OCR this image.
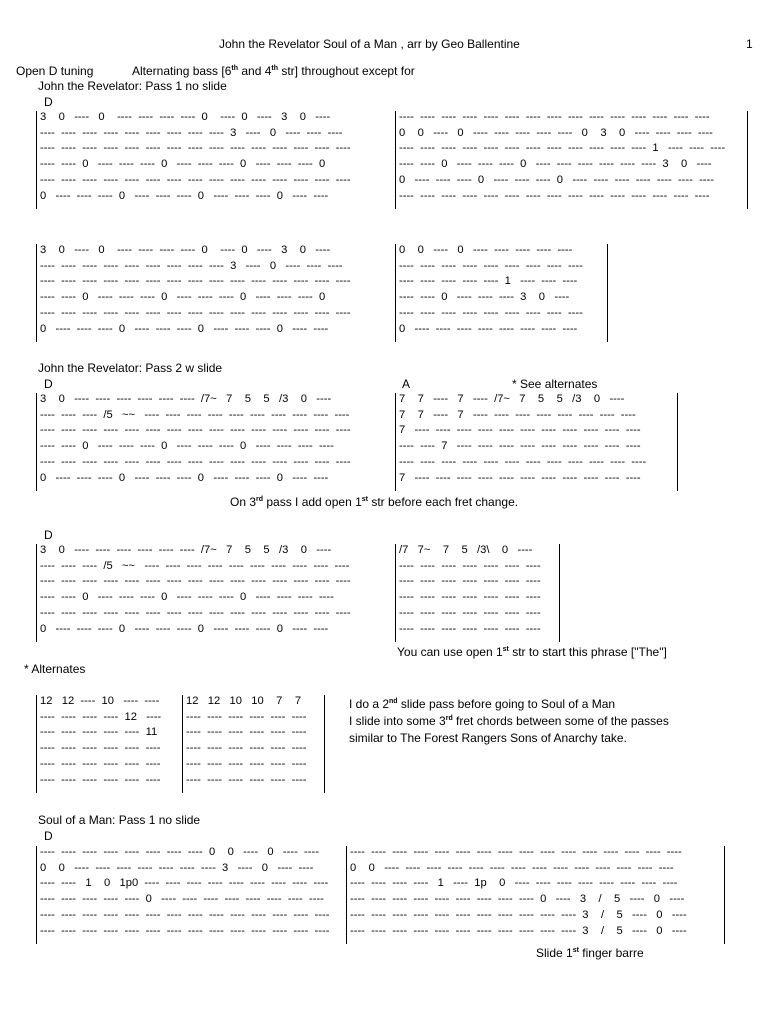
John the Revelator Soul of a Man , arr by Geo Ballentine	1
Open D tuning	Alternating bass [6th and 4th str] throughout except for
John the Revelator: Pass 1 no slide
D
3    0   ----   0    ----  ----  ----  ----  0    ----  0   ----   3    0   ----
----  ----  ----  ----  ----  ----  ----  ----  ----  3   ----   0   ----  ----  ----
----  ----  ----  ----  ----  ----  ----  ----  ----  ----  ----  ----  ----  ----  ----
----  ----  0   ----  ----  ----  0   ----  ----  ----  0   ----  ----  ----  0
----  ----  ----  ----  ----  ----  ----  ----  ----  ----  ----  ----  ----  ----  ----
0   ----  ----  ----  0   ----  ----  ----  0   ----  ----  ----  0   ----  ----
----  ----  ----  ----  ----  ----  ----  ----  ----  ----  ----  ----  ----  ----  ----
0    0   ----   0   ----  ----  ----  ----  ----   0    3    0   ----  ----  ----  ----
----  ----  ----  ----  ----  ----  ----  ----  ----  ----  ----  ----  1   ----  ----  ----
----  ----  0   ----  ----  ----  0   ----  ----  ----  ----  ----  ----  3    0   ----
0   ----  ----  ----  0   ----  ----  ----  0   ----  ----  ----  ----  ----  ----  ----
----  ----  ----  ----  ----  ----  ----  ----  ----  ----  ----  ----  ----  ----  ----
3    0   ----   0    ----  ----  ----  ----  0    ----  0   ----   3    0   ----
----  ----  ----  ----  ----  ----  ----  ----  ----  3   ----   0   ----  ----  ----
----  ----  ----  ----  ----  ----  ----  ----  ----  ----  ----  ----  ----  ----  ----
----  ----  0   ----  ----  ----  0   ----  ----  ----  0   ----  ----  ----  0
----  ----  ----  ----  ----  ----  ----  ----  ----  ----  ----  ----  ----  ----  ----
0   ----  ----  ----  0   ----  ----  ----  0   ----  ----  ----  0   ----  ----
0    0   ----   0   ----  ----  ----  ----  ----
----  ----  ----  ----  ----  ----  ----  ----  ----
----  ----  ----  ----  ----  1   ----  ----  ----
----  ----  0   ----  ----  ----  3    0   ----
----  ----  ----  ----  ----  ----  ----  ----  ----
0   ----  ----  ----  ----  ----  ----  ----  ----
John the Revelator: Pass 2 w slide
D	A	* See alternates
3    0   ----  ----  ----  ----  ----  ----  /7~   7    5    5   /3    0   ----
----  ----  ----  /5   ~~   ----  ----  ----  ----  ----  ----  ----  ----  ----  ----
----  ----  ----  ----  ----  ----  ----  ----  ----  ----  ----  ----  ----  ----  ----
----  ----  0   ----  ----  ----  0   ----  ----  ----  0   ----  ----  ----  ----
----  ----  ----  ----  ----  ----  ----  ----  ----  ----  ----  ----  ----  ----  ----
0   ----  ----  ----  0   ----  ----  ----  0   ----  ----  ----  0   ----  ----
7    7   ----   7   ----  /7~   7    5    5   /3    0   ----
7    7   ----   7   ----  ----  ----  ----  ----  ----  ----  ----
7   ----  ----  ----  ----  ----  ----  ----  ----  ----  ----  ----
----  ----  7   ----  ----  ----  ----  ----  ----  ----  ----  ----
----  ----  ----  ----  ----  ----  ----  ----  ----  ----  ----  ----
7   ----  ----  ----  ----  ----  ----  ----  ----  ----  ----  ----
On 3rd pass I add open 1st str before each fret change.
D
3    0   ----  ----  ----  ----  ----  ----  /7~   7    5    5   /3    0   ----
----  ----  ----  /5   ~~   ----  ----  ----  ----  ----  ----  ----  ----  ----  ----
----  ----  ----  ----  ----  ----  ----  ----  ----  ----  ----  ----  ----  ----  ----
----  ----  0   ----  ----  ----  0   ----  ----  ----  0   ----  ----  ----  ----
----  ----  ----  ----  ----  ----  ----  ----  ----  ----  ----  ----  ----  ----  ----
0   ----  ----  ----  0   ----  ----  ----  0   ----  ----  ----  0   ----  ----
/7   7~    7    5   /3\    0   ----
----  ----  ----  ----  ----  ----  ----
----  ----  ----  ----  ----  ----  ----
----  ----  ----  ----  ----  ----  ----
----  ----  ----  ----  ----  ----  ----
----  ----  ----  ----  ----  ----  ----
You can use open 1st str to start this phrase ["The"]
* Alternates
12   12  ----  10   ----  ----
----  ----  ----  ----  12   ----
----  ----  ----  ----  ----  11
----  ----  ----  ----  ----  ----
----  ----  ----  ----  ----  ----
----  ----  ----  ----  ----  ----
12   12   10   10    7    7
----  ----  ----  ----  ----  ----
----  ----  ----  ----  ----  ----
----  ----  ----  ----  ----  ----
----  ----  ----  ----  ----  ----
----  ----  ----  ----  ----  ----
I do a 2nd slide pass before going to Soul of a Man
I slide into some 3rd fret chords between some of the passes
similar to The Forest Rangers Sons of Anarchy take.
Soul of a Man: Pass 1 no slide
D
----  ----  ----  ----  ----  ----  ----  ----  0    0   ----   0   ----  ----
0    0   ----  ----  ----  ----  ----  ----  ----  3   ----   0   ----  ----
----  ----   1    0   1p0  ----  ----  ----  ----  ----  ----  ----  ----  ----
----  ----  ----  ----  ----  0   ----  ----  ----  ----  ----  ----  ----  ----
----  ----  ----  ----  ----  ----  ----  ----  ----  ----  ----  ----  ----  ----
----  ----  ----  ----  ----  ----  ----  ----  ----  ----  ----  ----  ----  ----
----  ----  ----  ----  ----  ----  ----  ----  ----  ----  ----  ----  ----  ----  ----  ----
0    0   ----  ----  ----  ----  ----  ----  ----  ----  ----  ----  ----  ----  ----  ----
----  ----  ----  ----   1   ----  1p    0   ----  ----  ----  ----  ----  ----  ----  ----
----  ----  ----  ----  ----  ----  ----  ----  ----  0   ----   3    /    5   ----   0   ----
----  ----  ----  ----  ----  ----  ----  ----  ----  ----  ----  3    /    5   ----   0   ----
----  ----  ----  ----  ----  ----  ----  ----  ----  ----  ----  3    /    5   ----   0   ----
Slide 1st finger barre
